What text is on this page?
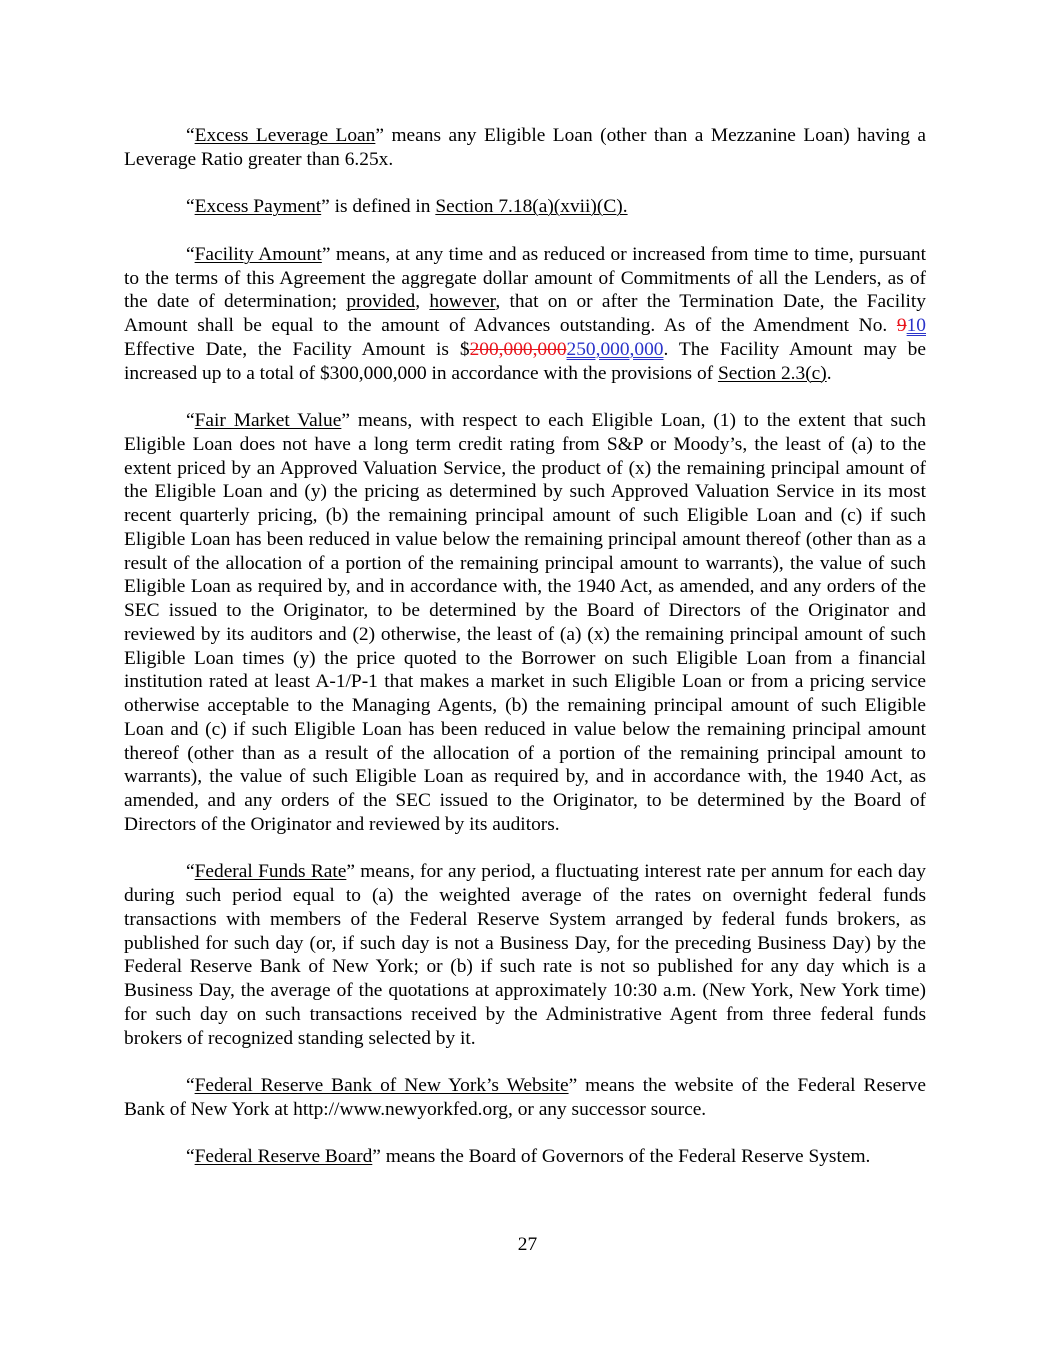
“Excess Leverage Loan” means any Eligible Loan (other than a Mezzanine Loan) having a Leverage Ratio greater than 6.25x.

“Excess Payment” is defined in Section 7.18(a)(xvii)(C).

“Facility Amount” means, at any time and as reduced or increased from time to time, pursuant to the terms of this Agreement the aggregate dollar amount of Commitments of all the Lenders, as of the date of determination; provided, however, that on or after the Termination Date, the Facility Amount shall be equal to the amount of Advances outstanding. As of the Amendment No. 910 Effective Date, the Facility Amount is $200,000,000250,000,000. The Facility Amount may be increased up to a total of $300,000,000 in accordance with the provisions of Section 2.3(c).

“Fair Market Value” means, with respect to each Eligible Loan, (1) to the extent that such Eligible Loan does not have a long term credit rating from S&P or Moody’s, the least of (a) to the extent priced by an Approved Valuation Service, the product of (x) the remaining principal amount of the Eligible Loan and (y) the pricing as determined by such Approved Valuation Service in its most recent quarterly pricing, (b) the remaining principal amount of such Eligible Loan and (c) if such Eligible Loan has been reduced in value below the remaining principal amount thereof (other than as a result of the allocation of a portion of the remaining principal amount to warrants), the value of such Eligible Loan as required by, and in accordance with, the 1940 Act, as amended, and any orders of the SEC issued to the Originator, to be determined by the Board of Directors of the Originator and reviewed by its auditors and (2) otherwise, the least of (a) (x) the remaining principal amount of such Eligible Loan times (y) the price quoted to the Borrower on such Eligible Loan from a financial institution rated at least A-1/P-1 that makes a market in such Eligible Loan or from a pricing service otherwise acceptable to the Managing Agents, (b) the remaining principal amount of such Eligible Loan and (c) if such Eligible Loan has been reduced in value below the remaining principal amount thereof (other than as a result of the allocation of a portion of the remaining principal amount to warrants), the value of such Eligible Loan as required by, and in accordance with, the 1940 Act, as amended, and any orders of the SEC issued to the Originator, to be determined by the Board of Directors of the Originator and reviewed by its auditors.

“Federal Funds Rate” means, for any period, a fluctuating interest rate per annum for each day during such period equal to (a) the weighted average of the rates on overnight federal funds transactions with members of the Federal Reserve System arranged by federal funds brokers, as published for such day (or, if such day is not a Business Day, for the preceding Business Day) by the Federal Reserve Bank of New York; or (b) if such rate is not so published for any day which is a Business Day, the average of the quotations at approximately 10:30 a.m. (New York, New York time) for such day on such transactions received by the Administrative Agent from three federal funds brokers of recognized standing selected by it.

“Federal Reserve Bank of New York’s Website” means the website of the Federal Reserve Bank of New York at http://www.newyorkfed.org, or any successor source.

“Federal Reserve Board” means the Board of Governors of the Federal Reserve System.

27
